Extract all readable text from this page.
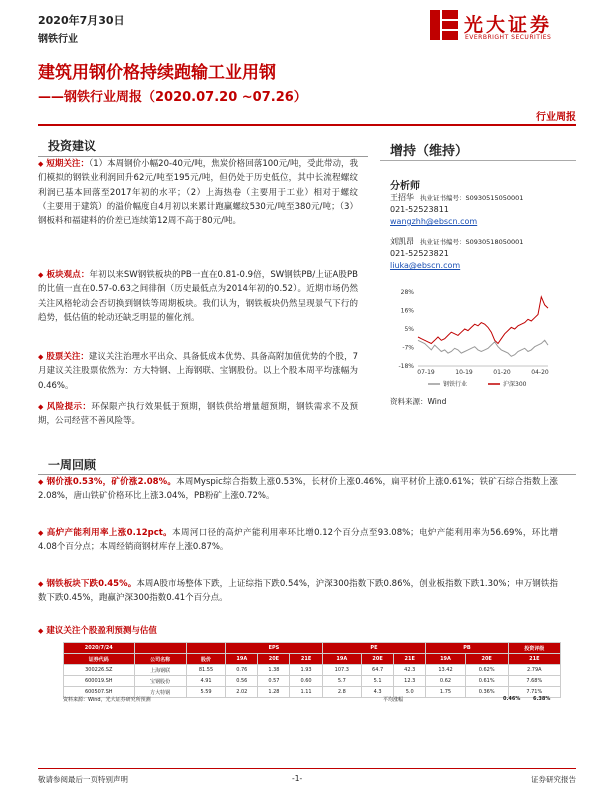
2020年7月30日
钢铁行业
光大证券
EVERBRIGHT SECURITIES
建筑用钢价格持续跑输工业用钢
——钢铁行业周报（2020.07.20 ~07.26）
行业周报
投资建议
◆ 短期关注：（1）本周钢价小幅20-40元/吨，焦炭价格回落100元/吨，受此带动，我们模拟的钢铁业利润回升62元/吨至195元/吨，但仍处于历史低位，其中长流程螺纹利润已基本回落至2017年初的水平；（2）上海热卷（主要用于工业）相对于螺纹（主要用于建筑）的溢价幅度自4月初以来累计跑赢螺纹530元/吨至380元/吨；（3）钢板料和福建料的价差已连续第12周不高于80元/吨。
◆ 板块观点：年初以来SW钢铁板块的PB一直在0.81-0.9倍，SW钢铁PB/上证A股PB的比值一直在0.57-0.63之间徘徊（历史最低点为2014年初的0.52）。近期市场仍然关注风格轮动会否切换到钢铁等周期板块。我们认为，钢铁板块仍然呈现景气下行的趋势，低估值的轮动还缺乏明显的催化剂。
◆ 股票关注：建议关注治理水平出众、具备低成本优势、具备高附加值优势的个股，7月建议关注股票依然为：方大特钢、上海钢联、宝钢股份。以上个股本周平均涨幅为0.46%。
◆ 风险提示：环保限产执行效果低于预期，钢铁供给增量超预期，钢铁需求不及预期，公司经营不善风险等。
增持（维持）
分析师
王招华 执业证书编号：S0930515050001
021-52523811
wangzhh@ebscn.com
刘凯昂 执业证书编号：S0930518050001
021-52523821
liuka@ebscn.com
28%
16%
5%
-7%
-18%
07-19	10-19	01-20	04-20
钢铁行业	沪深300
资料来源：Wind
一周回顾
◆ 钢价涨0.53%，矿价涨2.08%。本周Myspic综合指数上涨0.53%，长材价上涨0.46%，扁平材价上涨0.61%；铁矿石综合指数上涨2.08%，唐山铁矿价格环比上涨3.04%，PB粉矿上涨0.72%。
◆ 高炉产能利用率上涨0.12pct。本周河口径的高炉产能利用率环比增0.12个百分点至93.08%；电炉产能利用率为56.69%，环比增4.08个百分点；本周经销商钢材库存上涨0.87%。
◆ 钢铁板块下跌0.45%。本周A股市场整体下跌，上证综指下跌0.54%，沪深300指数下跌0.86%，创业板指数下跌1.30%；申万钢铁指数下跌0.45%，跑赢沪深300指数0.41个百分点。
◆ 建议关注个股盈利预测与估值
2020/7/24			EPS			PE			PB		投资评级
证券代码	公司名称	股价	19A	20E	21E	19A	20E	21E	19A	20E	21E
300226.SZ	上海钢联	81.55	0.76	1.38	1.93	107.3	64.7	42.3	13.42	0.62%	2.79A
600019.SH	宝钢股份	4.91	0.56	0.57	0.60	5.7	5.1	12.3	0.62	0.61%	7.68%
600507.SH	方大特钢	5.59	2.02	1.28	1.11	2.8	4.3	5.0	1.75	0.36%	7.71%
资料来源：Wind，光大证券研究所预测	平均涨幅	0.46%	6.38%
敬请参阅最后一页特别声明	-1-	证券研究报告
